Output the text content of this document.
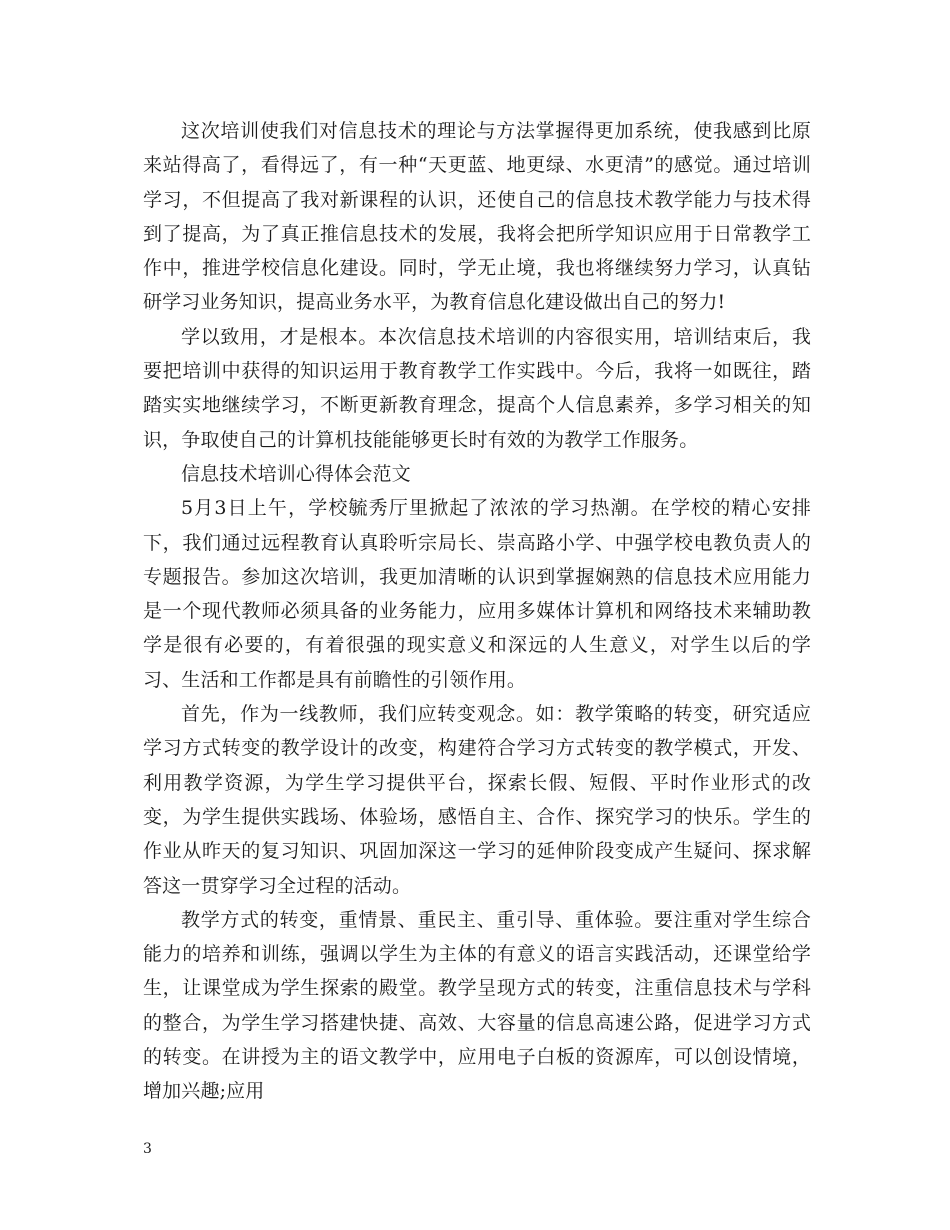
这次培训使我们对信息技术的理论与方法掌握得更加系统，使我感到比原来站得高了，看得远了，有一种“天更蓝、地更绿、水更清”的感觉。通过培训学习，不但提高了我对新课程的认识，还使自己的信息技术教学能力与技术得到了提高，为了真正推信息技术的发展，我将会把所学知识应用于日常教学工作中，推进学校信息化建设。同时，学无止境，我也将继续努力学习，认真钻研学习业务知识，提高业务水平，为教育信息化建设做出自己的努力!

学以致用，才是根本。本次信息技术培训的内容很实用，培训结束后，我要把培训中获得的知识运用于教育教学工作实践中。今后，我将一如既往，踏踏实实地继续学习，不断更新教育理念，提高个人信息素养，多学习相关的知识，争取使自己的计算机技能能够更长时有效的为教学工作服务。

信息技术培训心得体会范文

5月3日上午，学校毓秀厅里掀起了浓浓的学习热潮。在学校的精心安排下，我们通过远程教育认真聆听宗局长、崇高路小学、中强学校电教负责人的专题报告。参加这次培训，我更加清晰的认识到掌握娴熟的信息技术应用能力是一个现代教师必须具备的业务能力，应用多媒体计算机和网络技术来辅助教学是很有必要的，有着很强的现实意义和深远的人生意义，对学生以后的学习、生活和工作都是具有前瞻性的引领作用。

首先，作为一线教师，我们应转变观念。如：教学策略的转变，研究适应学习方式转变的教学设计的改变，构建符合学习方式转变的教学模式，开发、利用教学资源，为学生学习提供平台，探索长假、短假、平时作业形式的改变，为学生提供实践场、体验场，感悟自主、合作、探究学习的快乐。学生的作业从昨天的复习知识、巩固加深这一学习的延伸阶段变成产生疑问、探求解答这一贯穿学习全过程的活动。

教学方式的转变，重情景、重民主、重引导、重体验。要注重对学生综合能力的培养和训练，强调以学生为主体的有意义的语言实践活动，还课堂给学生，让课堂成为学生探索的殿堂。教学呈现方式的转变，注重信息技术与学科的整合，为学生学习搭建快捷、高效、大容量的信息高速公路，促进学习方式的转变。在讲授为主的语文教学中，应用电子白板的资源库，可以创设情境，增加兴趣;应用

3
